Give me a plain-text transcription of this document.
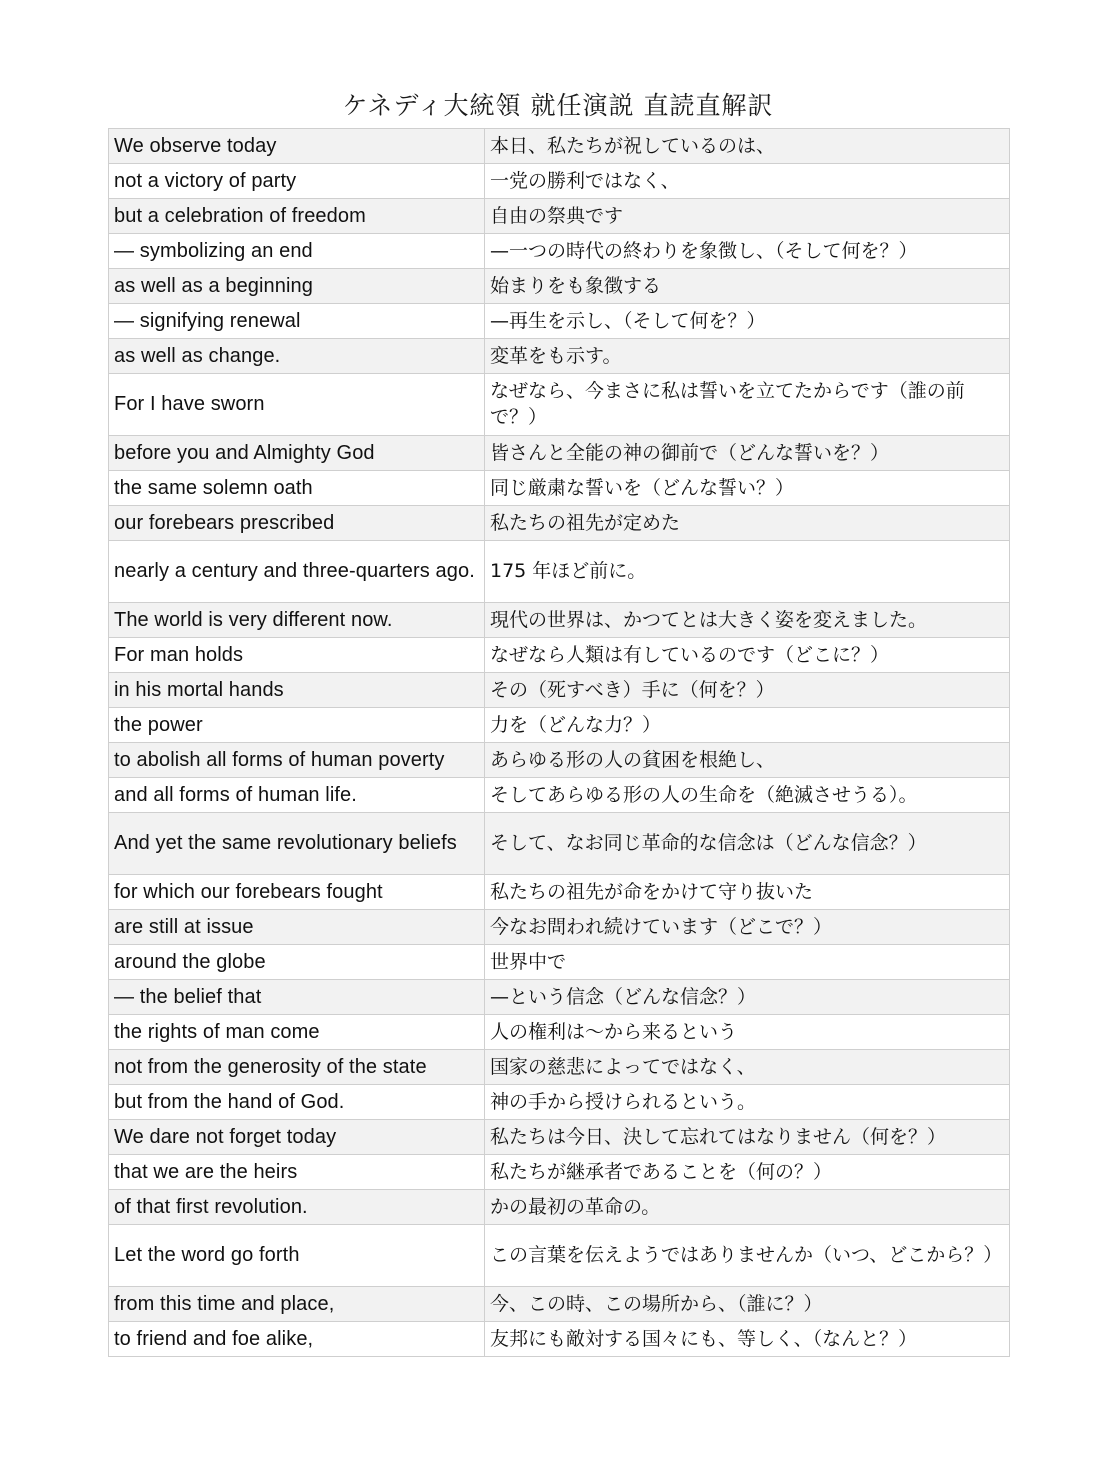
ケネディ大統領 就任演説 直読直解訳
We observe today	本日、私たちが祝しているのは、
not a victory of party	一党の勝利ではなく、
but a celebration of freedom	自由の祭典です
— symbolizing an end	—一つの時代の終わりを象徴し、（そして何を？）
as well as a beginning	始まりをも象徴する
— signifying renewal	—再生を示し、（そして何を？）
as well as change.	変革をも示す。
For I have sworn	なぜなら、今まさに私は誓いを立てたからです（誰の前で？）
before you and Almighty God	皆さんと全能の神の御前で（どんな誓いを？）
the same solemn oath	同じ厳粛な誓いを（どんな誓い？）
our forebears prescribed	私たちの祖先が定めた
nearly a century and three-quarters ago.	175 年ほど前に。
The world is very different now.	現代の世界は、かつてとは大きく姿を変えました。
For man holds	なぜなら人類は有しているのです（どこに？）
in his mortal hands	その（死すべき）手に（何を？）
the power	力を（どんな力？）
to abolish all forms of human poverty	あらゆる形の人の貧困を根絶し、
and all forms of human life.	そしてあらゆる形の人の生命を（絶滅させうる）。
And yet the same revolutionary beliefs	そして、なお同じ革命的な信念は（どんな信念？）
for which our forebears fought	私たちの祖先が命をかけて守り抜いた
are still at issue	今なお問われ続けています（どこで？）
around the globe	世界中で
— the belief that	—という信念（どんな信念？）
the rights of man come	人の権利は〜から来るという
not from the generosity of the state	国家の慈悲によってではなく、
but from the hand of God.	神の手から授けられるという。
We dare not forget today	私たちは今日、決して忘れてはなりません（何を？）
that we are the heirs	私たちが継承者であることを（何の？）
of that first revolution.	かの最初の革命の。
Let the word go forth	この言葉を伝えようではありませんか（いつ、どこから？）
from this time and place,	今、この時、この場所から、（誰に？）
to friend and foe alike,	友邦にも敵対する国々にも、等しく、（なんと？）
